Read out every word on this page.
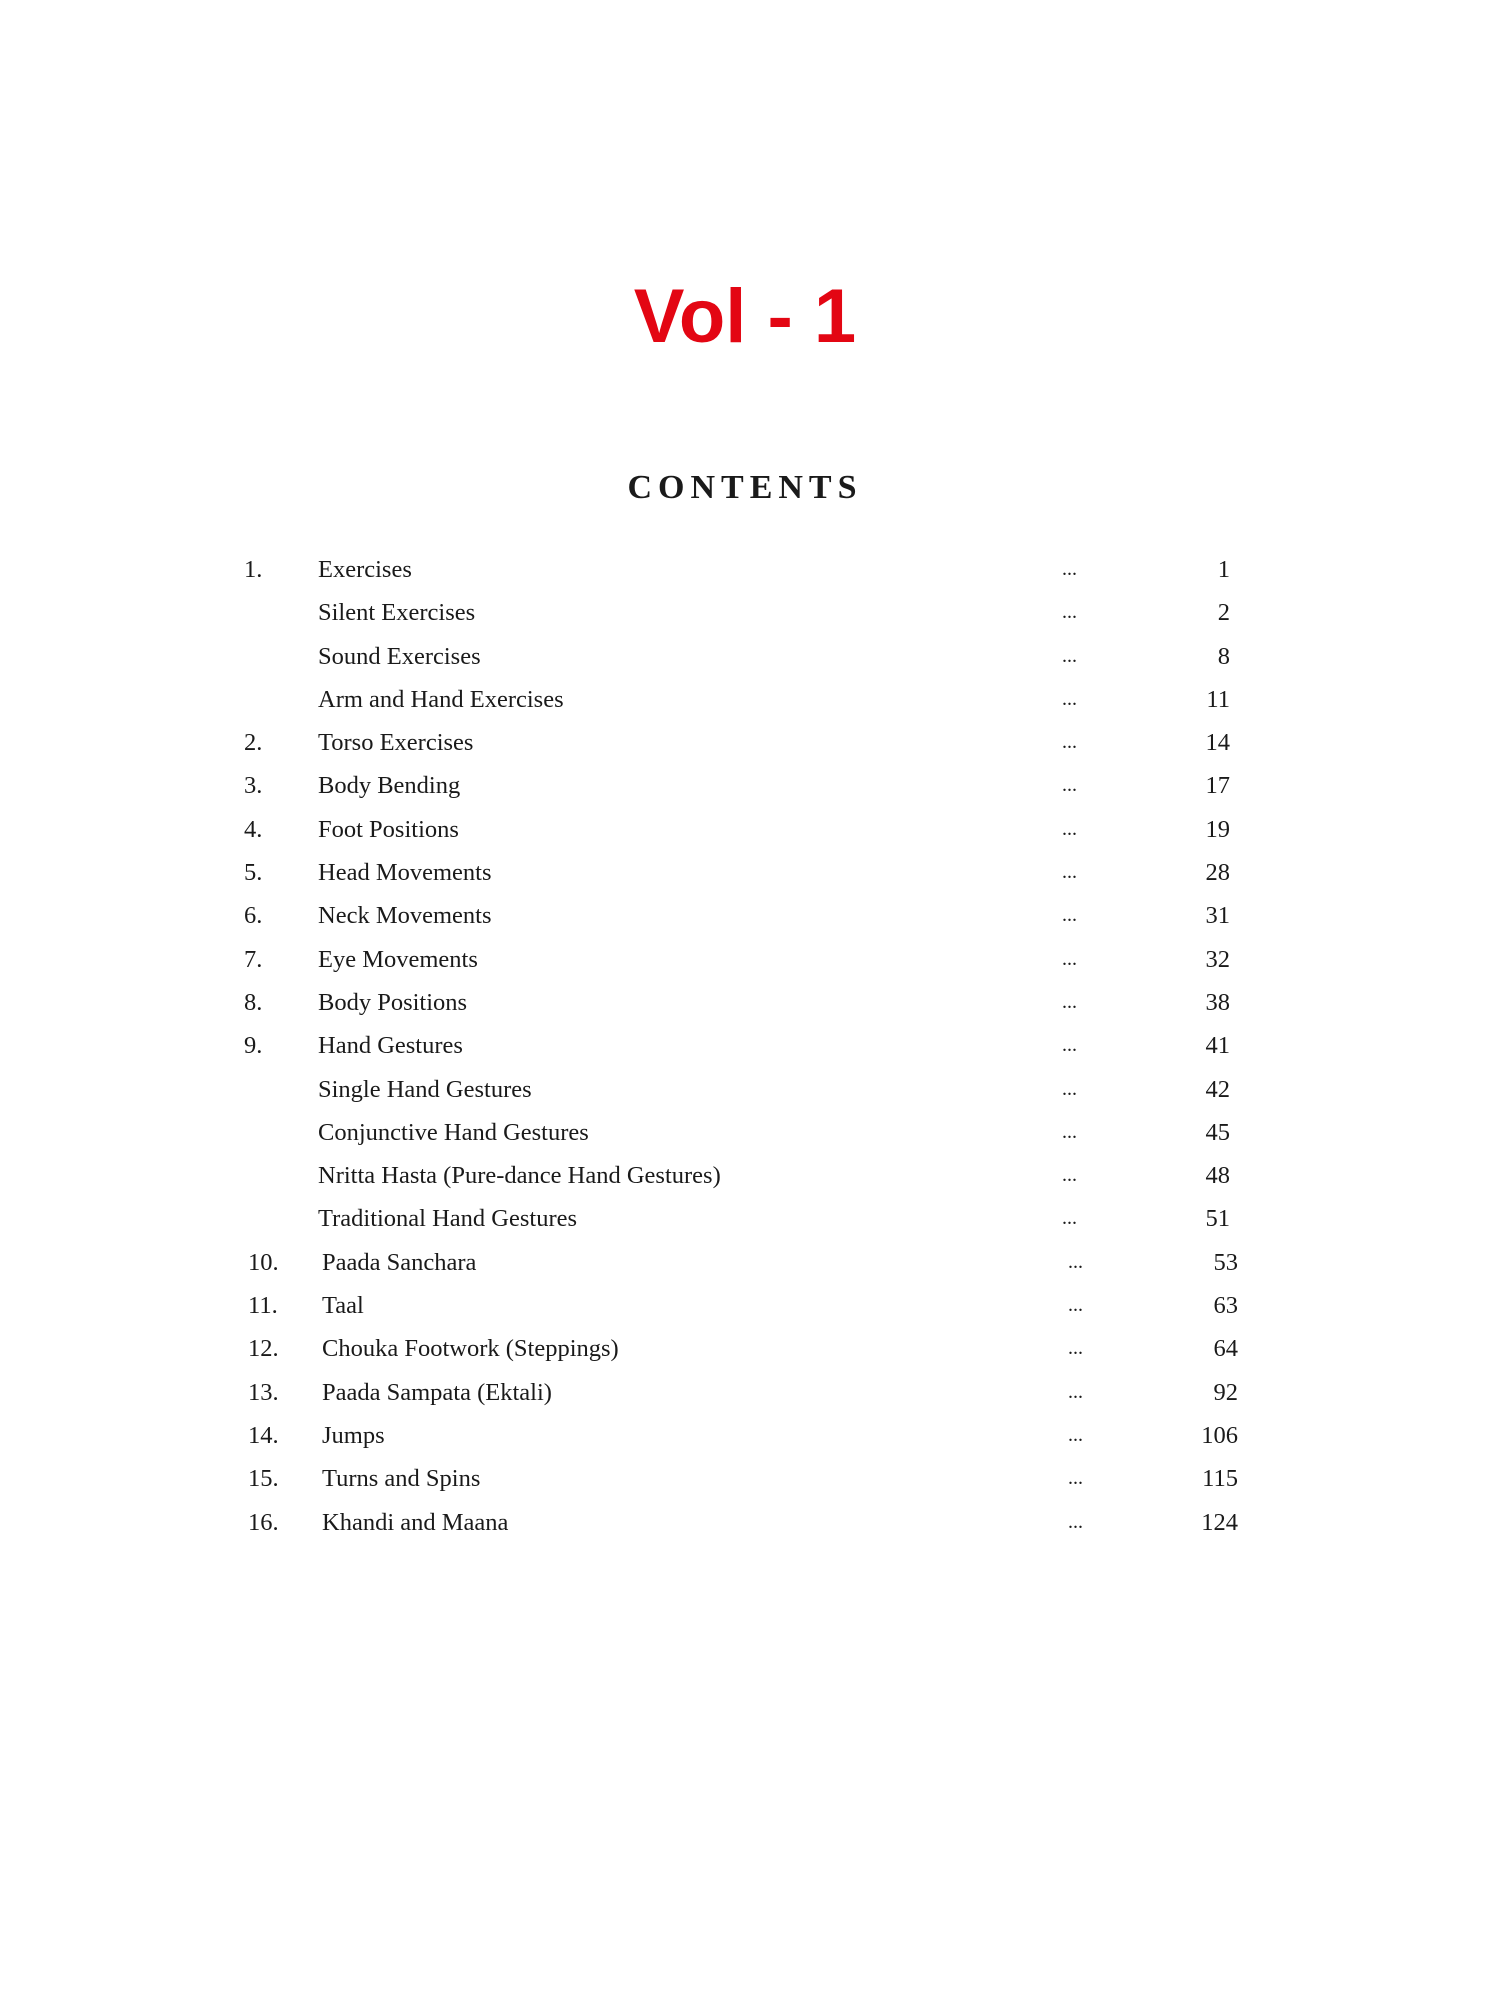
Vol - 1
CONTENTS
1. Exercises	...	1
Silent Exercises	...	2
Sound Exercises	...	8
Arm and Hand Exercises	...	11
2. Torso Exercises	...	14
3. Body Bending	...	17
4. Foot Positions	...	19
5. Head Movements	...	28
6. Neck Movements	...	31
7. Eye Movements	...	32
8. Body Positions	...	38
9. Hand Gestures	...	41
Single Hand Gestures	...	42
Conjunctive Hand Gestures	...	45
Nritta Hasta (Pure-dance Hand Gestures)	...	48
Traditional Hand Gestures	...	51
10. Paada Sanchara	...	53
11. Taal	...	63
12. Chouka Footwork (Steppings)	...	64
13. Paada Sampata (Ektali)	...	92
14. Jumps	...	106
15. Turns and Spins	...	115
16. Khandi and Maana	...	124
